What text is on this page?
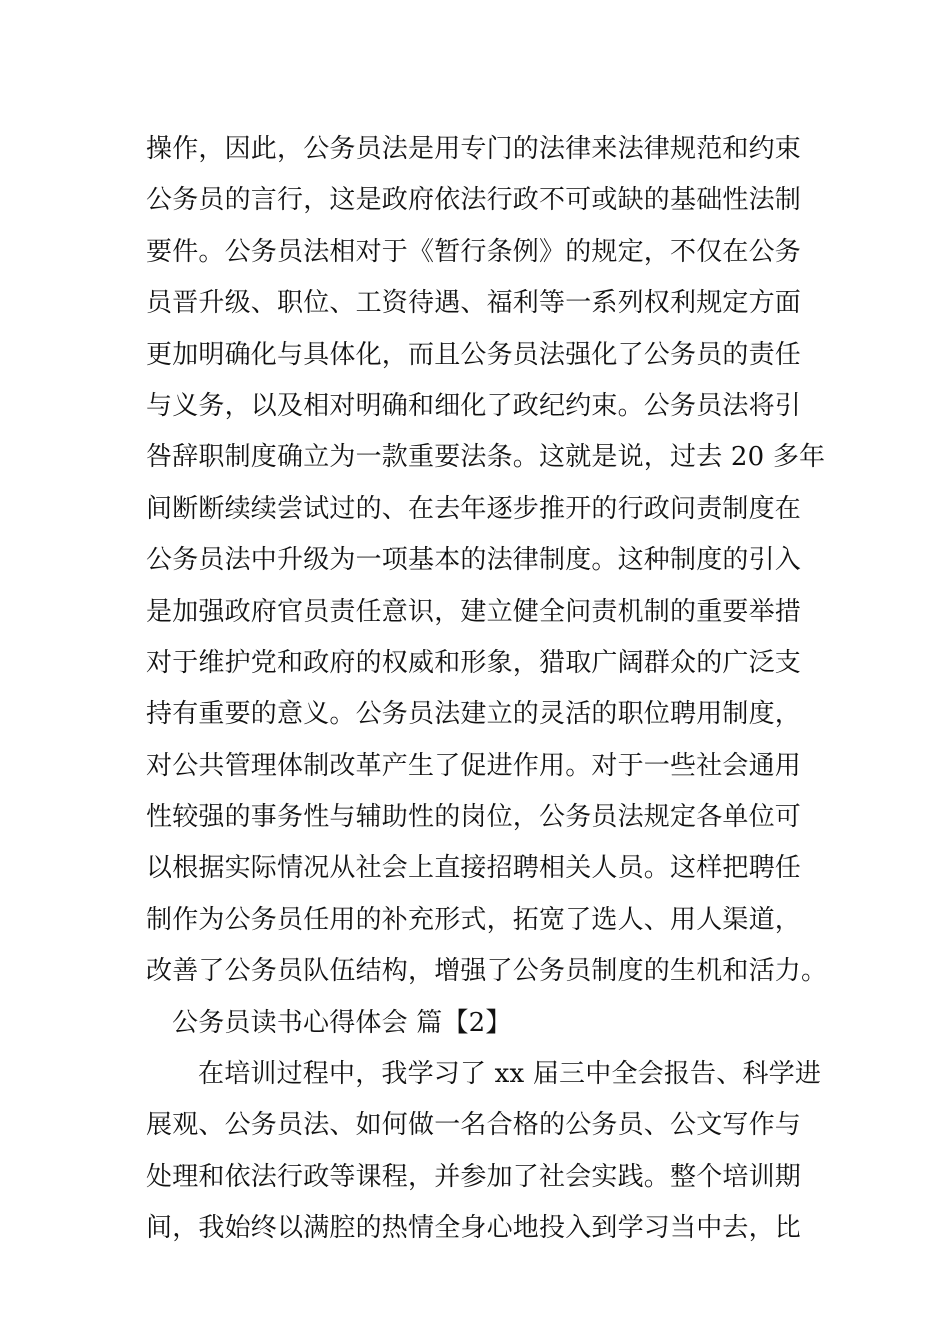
操作，因此，公务员法是用专门的法律来法律规范和约束
公务员的言行，这是政府依法行政不可或缺的基础性法制
要件。公务员法相对于《暂行条例》的规定，不仅在公务
员晋升级、职位、工资待遇、福利等一系列权利规定方面
更加明确化与具体化，而且公务员法强化了公务员的责任
与义务，以及相对明确和细化了政纪约束。公务员法将引
咎辞职制度确立为一款重要法条。这就是说，过去 20 多年
间断断续续尝试过的、在去年逐步推开的行政问责制度在
公务员法中升级为一项基本的法律制度。这种制度的引入
是加强政府官员责任意识，建立健全问责机制的重要举措
对于维护党和政府的权威和形象，猎取广阔群众的广泛支
持有重要的意义。公务员法建立的灵活的职位聘用制度，
对公共管理体制改革产生了促进作用。对于一些社会通用
性较强的事务性与辅助性的岗位，公务员法规定各单位可
以根据实际情况从社会上直接招聘相关人员。这样把聘任
制作为公务员任用的补充形式，拓宽了选人、用人渠道，
改善了公务员队伍结构，增强了公务员制度的生机和活力。
公务员读书心得体会 篇【2】
在培训过程中，我学习了 xx 届三中全会报告、科学进
展观、公务员法、如何做一名合格的公务员、公文写作与
处理和依法行政等课程，并参加了社会实践。整个培训期
间，我始终以满腔的热情全身心地投入到学习当中去，比
